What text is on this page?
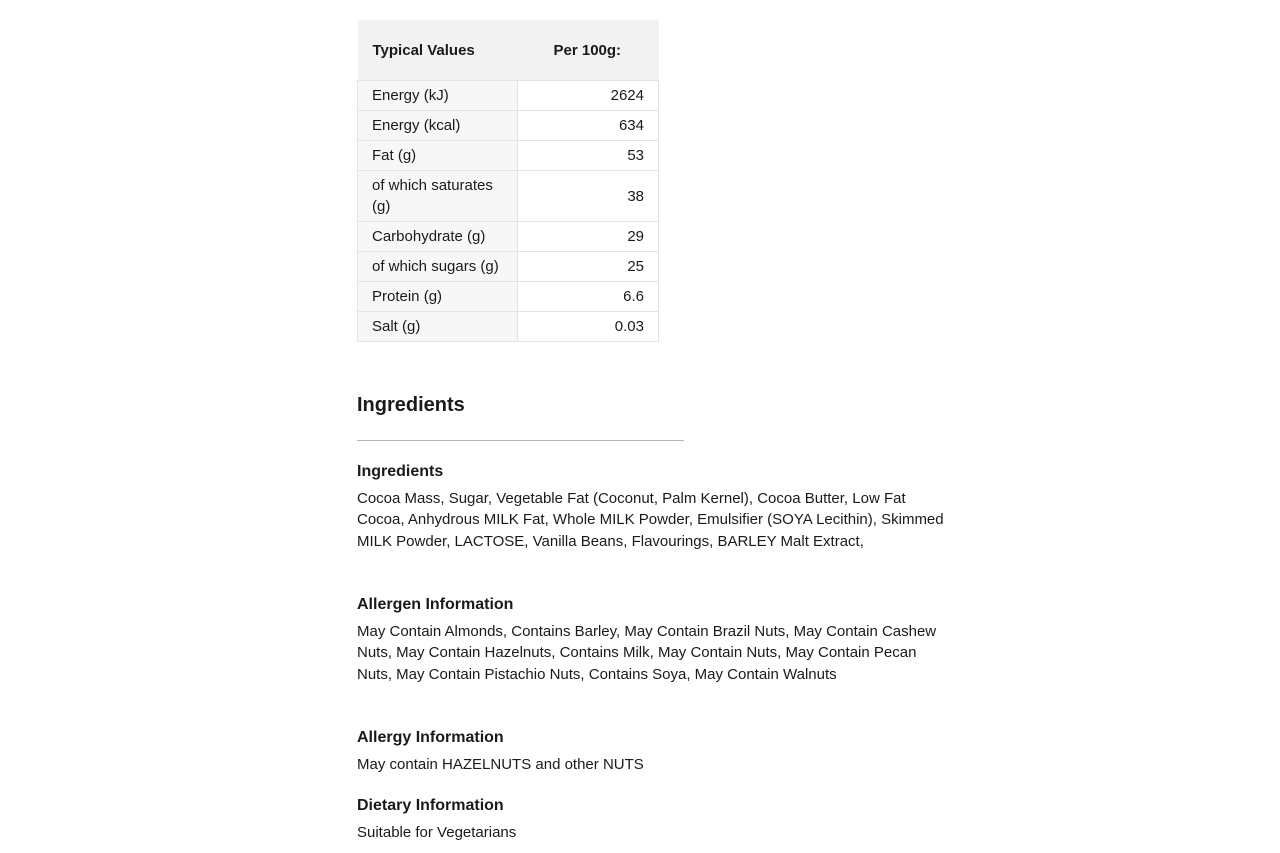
Typical Values	Per 100g:
Energy (kJ)	2624
Energy (kcal)	634
Fat (g)	53
of which saturates (g)	38
Carbohydrate (g)	29
of which sugars (g)	25
Protein (g)	6.6
Salt (g)	0.03
Ingredients
Ingredients

Cocoa Mass, Sugar, Vegetable Fat (Coconut, Palm Kernel), Cocoa Butter, Low Fat Cocoa, Anhydrous MILK Fat, Whole MILK Powder, Emulsifier (SOYA Lecithin), Skimmed MILK Powder, LACTOSE, Vanilla Beans, Flavourings, BARLEY Malt Extract,

Allergen Information

May Contain Almonds, Contains Barley, May Contain Brazil Nuts, May Contain Cashew Nuts, May Contain Hazelnuts, Contains Milk, May Contain Nuts, May Contain Pecan Nuts, May Contain Pistachio Nuts, Contains Soya, May Contain Walnuts

Allergy Information

May contain HAZELNUTS and other NUTS

Dietary Information

Suitable for Vegetarians
